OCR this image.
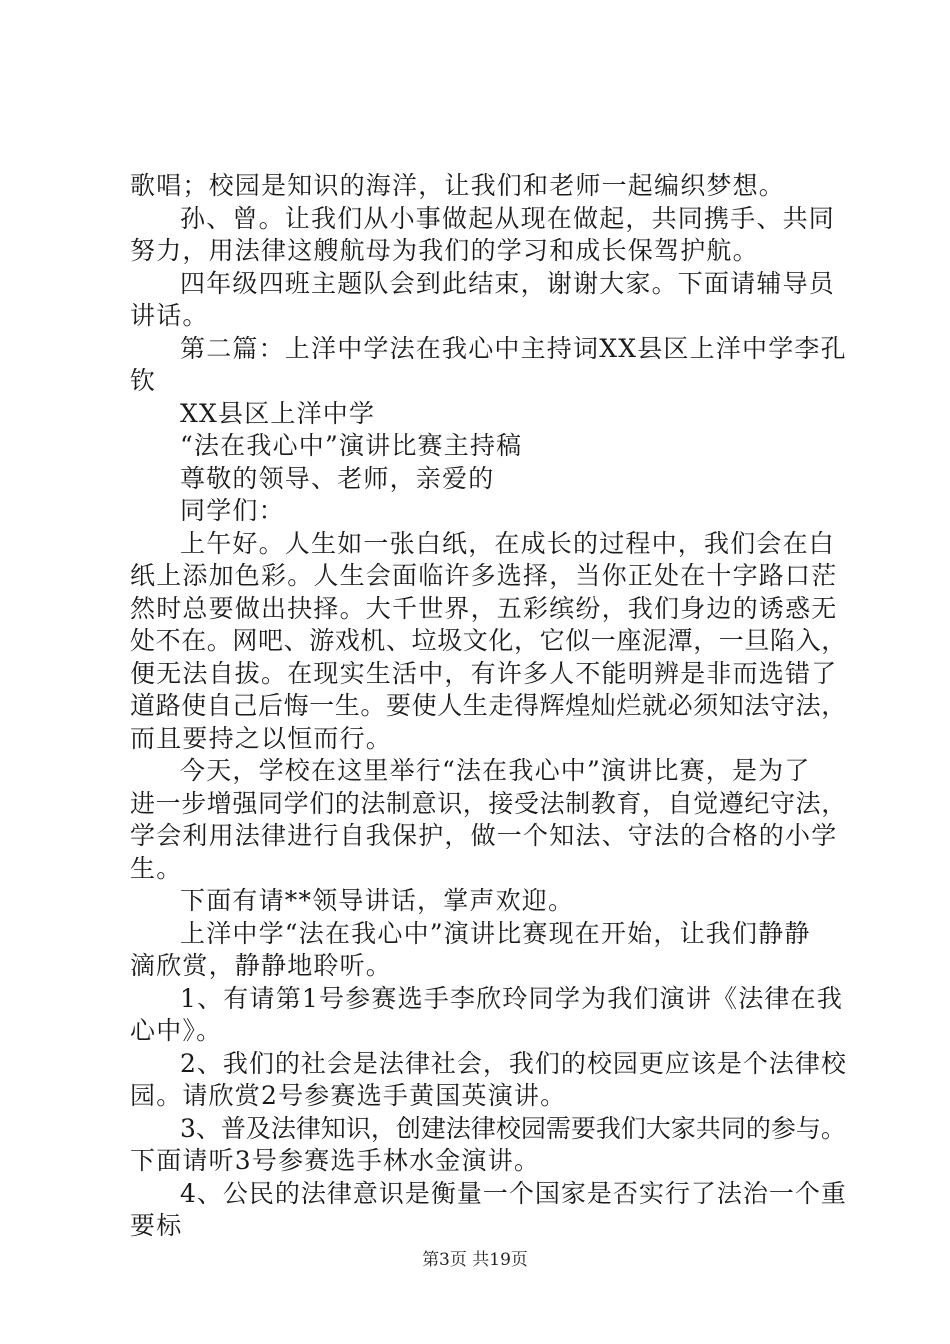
歌唱；校园是知识的海洋，让我们和老师一起编织梦想。
孙、曾。让我们从小事做起从现在做起，共同携手、共同
努力，用法律这艘航母为我们的学习和成长保驾护航。
四年级四班主题队会到此结束，谢谢大家。下面请辅导员
讲话。
第二篇：上洋中学法在我心中主持词XX县区上洋中学李孔
钦
XX县区上洋中学
“法在我心中”演讲比赛主持稿
尊敬的领导、老师，亲爱的
同学们：
上午好。人生如一张白纸，在成长的过程中，我们会在白
纸上添加色彩。人生会面临许多选择，当你正处在十字路口茫
然时总要做出抉择。大千世界，五彩缤纷，我们身边的诱惑无
处不在。网吧、游戏机、垃圾文化，它似一座泥潭，一旦陷入，
便无法自拔。在现实生活中，有许多人不能明辨是非而选错了
道路使自己后悔一生。要使人生走得辉煌灿烂就必须知法守法，
而且要持之以恒而行。
今天，学校在这里举行“法在我心中”演讲比赛，是为了
进一步增强同学们的法制意识，接受法制教育，自觉遵纪守法，
学会利用法律进行自我保护，做一个知法、守法的合格的小学
生。
下面有请**领导讲话，掌声欢迎。
上洋中学“法在我心中”演讲比赛现在开始，让我们静静
滴欣赏，静静地聆听。
1、有请第1号参赛选手李欣玲同学为我们演讲《法律在我
心中》。
2、我们的社会是法律社会，我们的校园更应该是个法律校
园。请欣赏2号参赛选手黄国英演讲。
3、普及法律知识，创建法律校园需要我们大家共同的参与。
下面请听3号参赛选手林水金演讲。
4、公民的法律意识是衡量一个国家是否实行了法治一个重
要标
第3页 共19页
